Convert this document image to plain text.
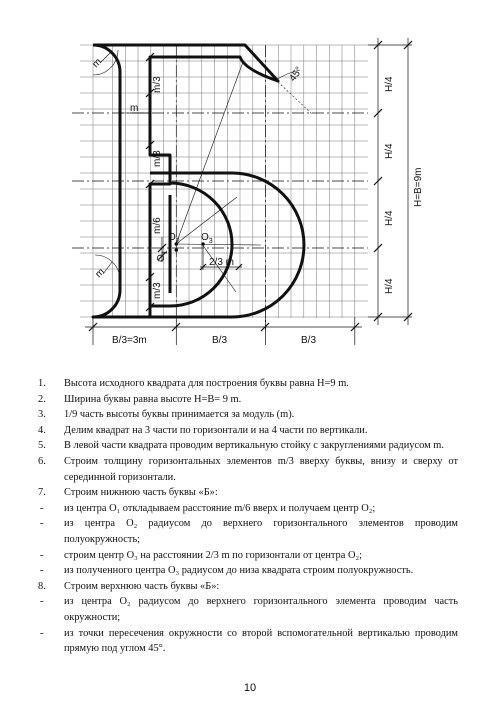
m
m
m
m/3
m/3
m/3
m/6
$O_2$ $O_3$
$O_1$
2/3 m
45°
H/4
H/4
H/4
H/4
H=B=9m
B/3=3m	B/3	B/3
1.	Высота исходного квадрата для построения буквы равна H=9 m.
2.	Ширина буквы равна высоте H=B= 9 m.
3.	1/9 часть высоты буквы принимается за модуль (m).
4.	Делим квадрат на 3 части по горизонтали и на 4 части по вертикали.
5.	В левой части квадрата проводим вертикальную стойку с закруглениями радиусом m.
6.	Строим толщину горизонтальных элементов m/3 вверху буквы, внизу и сверху от серединной горизонтали.
7.	Строим нижнюю часть буквы «Б»:
-	из центра O₁ откладываем расстояние m/6 вверх и получаем центр O₂;
-	из центра O₂ радиусом до верхнего горизонтального элементов проводим полуокружность;
-	строим центр O₃ на расстоянии 2/3 m по горизонтали от центра O₂;
-	из полученного центра O₃ радиусом до низа квадрата строим полуокружность.
8.	Строим верхнюю часть буквы «Б»:
-	из центра O₂ радиусом до верхнего горизонтального элемента проводим часть окружности;
-	из точки пересечения окружности со второй вспомогательной вертикалью проводим прямую под углом 45°.
10
